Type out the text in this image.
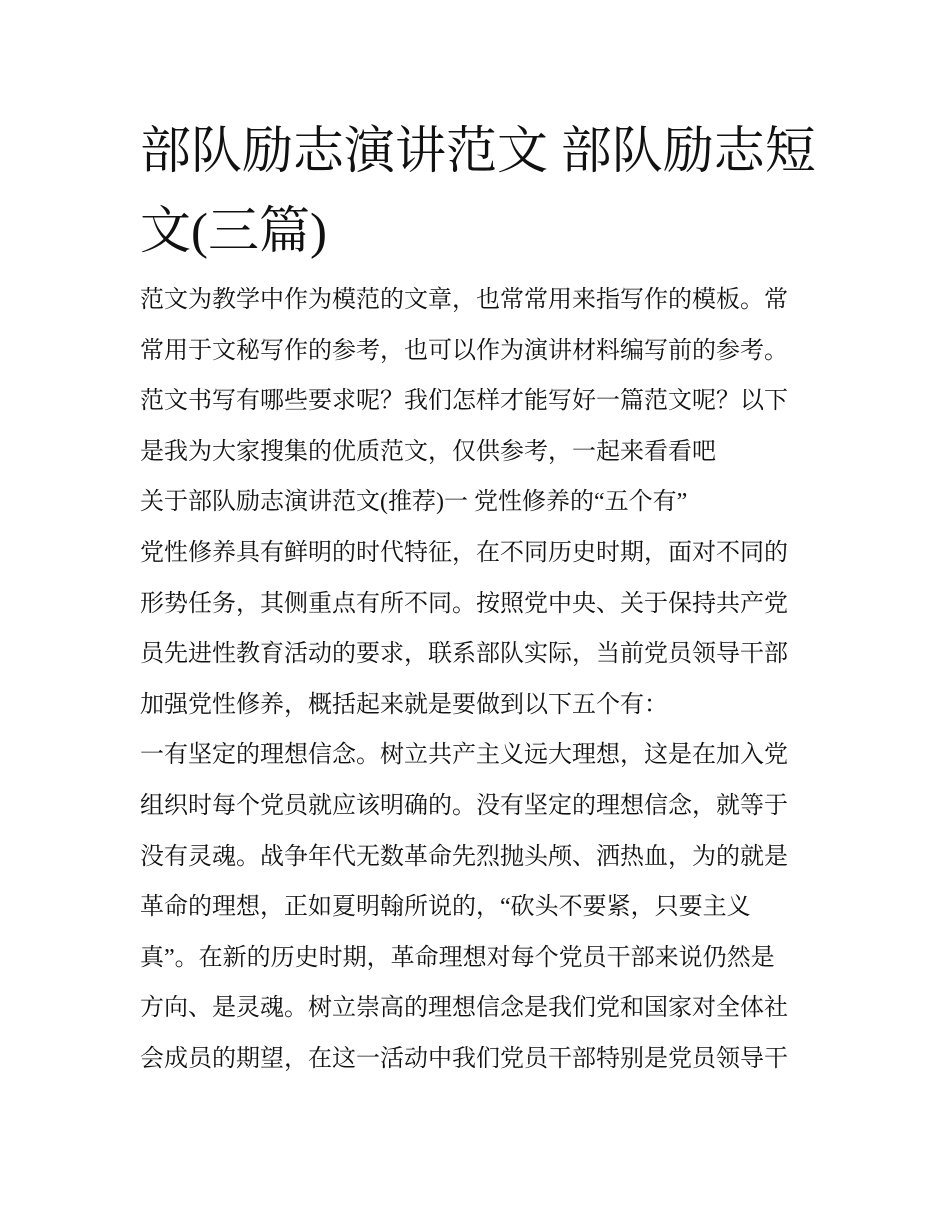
部队励志演讲范文 部队励志短
文(三篇)
范文为教学中作为模范的文章，也常常用来指写作的模板。常
常用于文秘写作的参考，也可以作为演讲材料编写前的参考。
范文书写有哪些要求呢？我们怎样才能写好一篇范文呢？以下
是我为大家搜集的优质范文，仅供参考，一起来看看吧
关于部队励志演讲范文(推荐)一 党性修养的“五个有”
党性修养具有鲜明的时代特征，在不同历史时期，面对不同的
形势任务，其侧重点有所不同。按照党中央、关于保持共产党
员先进性教育活动的要求，联系部队实际，当前党员领导干部
加强党性修养，概括起来就是要做到以下五个有：
一有坚定的理想信念。树立共产主义远大理想，这是在加入党
组织时每个党员就应该明确的。没有坚定的理想信念，就等于
没有灵魂。战争年代无数革命先烈抛头颅、洒热血，为的就是
革命的理想，正如夏明翰所说的，“砍头不要紧，只要主义
真”。在新的历史时期，革命理想对每个党员干部来说仍然是
方向、是灵魂。树立崇高的理想信念是我们党和国家对全体社
会成员的期望，在这一活动中我们党员干部特别是党员领导干
